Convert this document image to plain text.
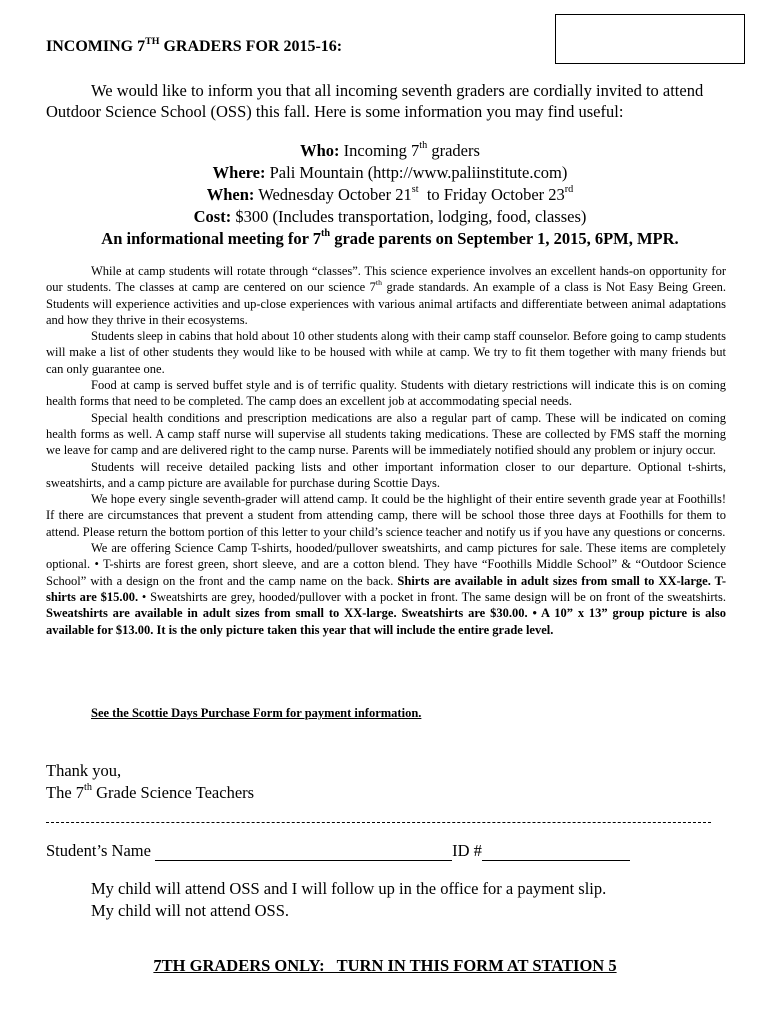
INCOMING 7TH GRADERS FOR 2015-16:
We would like to inform you that all incoming seventh graders are cordially invited to attend Outdoor Science School (OSS) this fall. Here is some information you may find useful:
Who: Incoming 7th graders
Where: Pali Mountain (http://www.paliinstitute.com)
When: Wednesday October 21st  to Friday October 23rd
Cost: $300 (Includes transportation, lodging, food, classes)
An informational meeting for 7th grade parents on September 1, 2015, 6PM, MPR.

While at camp students will rotate through “classes”. This science experience involves an excellent hands-on opportunity for our students. The classes at camp are centered on our science 7th grade standards. An example of a class is Not Easy Being Green. Students will experience activities and up-close experiences with various animal artifacts and differentiate between animal adaptations and how they thrive in their ecosystems.

Students sleep in cabins that hold about 10 other students along with their camp staff counselor. Before going to camp students will make a list of other students they would like to be housed with while at camp. We try to fit them together with many friends but can only guarantee one.

Food at camp is served buffet style and is of terrific quality. Students with dietary restrictions will indicate this is on coming health forms that need to be completed. The camp does an excellent job at accommodating special needs.

Special health conditions and prescription medications are also a regular part of camp. These will be indicated on coming health forms as well. A camp staff nurse will supervise all students taking medications. These are collected by FMS staff the morning we leave for camp and are delivered right to the camp nurse. Parents will be immediately notified should any problem or injury occur.

Students will receive detailed packing lists and other important information closer to our departure. Optional t-shirts, sweatshirts, and a camp picture are available for purchase during Scottie Days.

We hope every single seventh-grader will attend camp. It could be the highlight of their entire seventh grade year at Foothills! If there are circumstances that prevent a student from attending camp, there will be school those three days at Foothills for them to attend. Please return the bottom portion of this letter to your child’s science teacher and notify us if you have any questions or concerns.

We are offering Science Camp T-shirts, hooded/pullover sweatshirts, and camp pictures for sale. These items are completely optional. • T-shirts are forest green, short sleeve, and are a cotton blend. They have “Foothills Middle School” & “Outdoor Science School” with a design on the front and the camp name on the back. Shirts are available in adult sizes from small to XX-large. T-shirts are $15.00. • Sweatshirts are grey, hooded/pullover with a pocket in front. The same design will be on front of the sweatshirts. Sweatshirts are available in adult sizes from small to XX-large. Sweatshirts are $30.00. • A 10” x 13” group picture is also available for $13.00. It is the only picture taken this year that will include the entire grade level.

See the Scottie Days Purchase Form for payment information.
Thank you,
The 7th Grade Science Teachers
Student’s Name	ID #
My child will attend OSS and I will follow up in the office for a payment slip.
My child will not attend OSS.
7TH GRADERS ONLY:   TURN IN THIS FORM AT STATION 5
